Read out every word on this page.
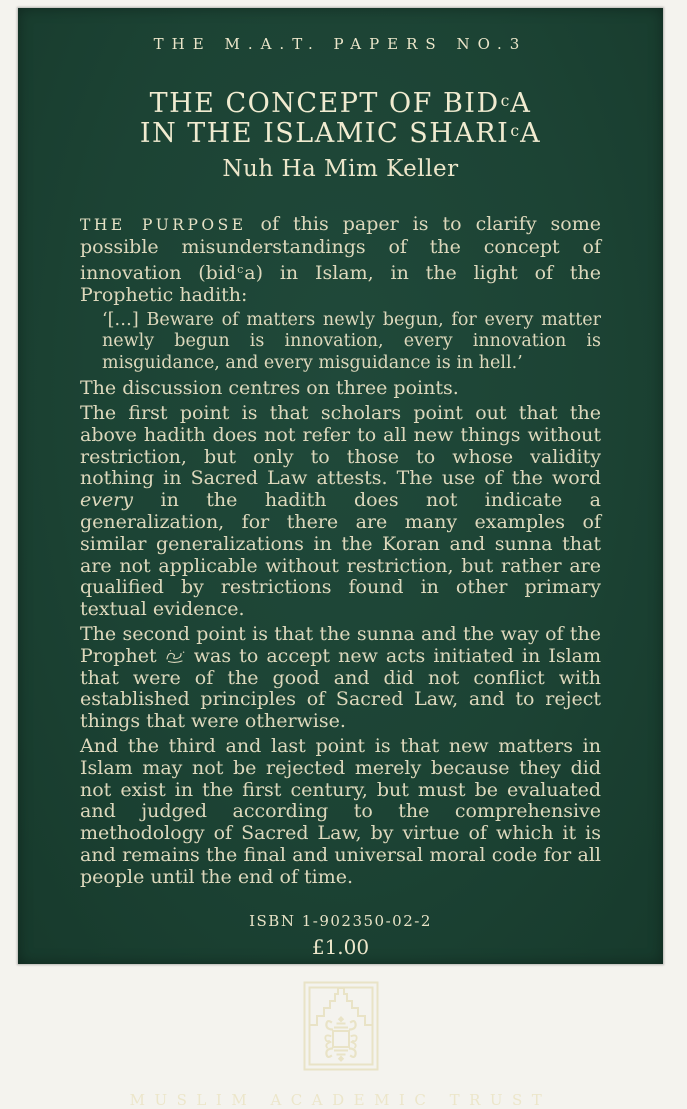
THE M.A.T. PAPERS NO.3
THE CONCEPT OF BID$^c$A
IN THE ISLAMIC SHARI$^c$A
Nuh Ha Mim Keller

THE PURPOSE of this paper is to clarify some possible misunderstandings of the concept of innovation (bid$^c$a) in Islam, in the light of the Prophetic hadith:

‘[…] Beware of matters newly begun, for every matter newly begun is innovation, every innovation is misguidance, and every misguidance is in hell.’

The discussion centres on three points.

The first point is that scholars point out that the above hadith does not refer to all new things without restriction, but only to those to whose validity nothing in Sacred Law attests. The use of the word every in the hadith does not indicate a generalization, for there are many examples of similar generalizations in the Koran and sunna that are not applicable without restriction, but rather are qualified by restrictions found in other primary textual evidence.

The second point is that the sunna and the way of the Prophet  was to accept new acts initiated in Islam that were of the good and did not conflict with established principles of Sacred Law, and to reject things that were otherwise.

And the third and last point is that new matters in Islam may not be rejected merely because they did not exist in the first century, but must be evaluated and judged according to the comprehensive methodology of Sacred Law, by virtue of which it is and remains the final and universal moral code for all people until the end of time.

ISBN 1-902350-02-2
£1.00
MUSLIM ACADEMIC TRUST
